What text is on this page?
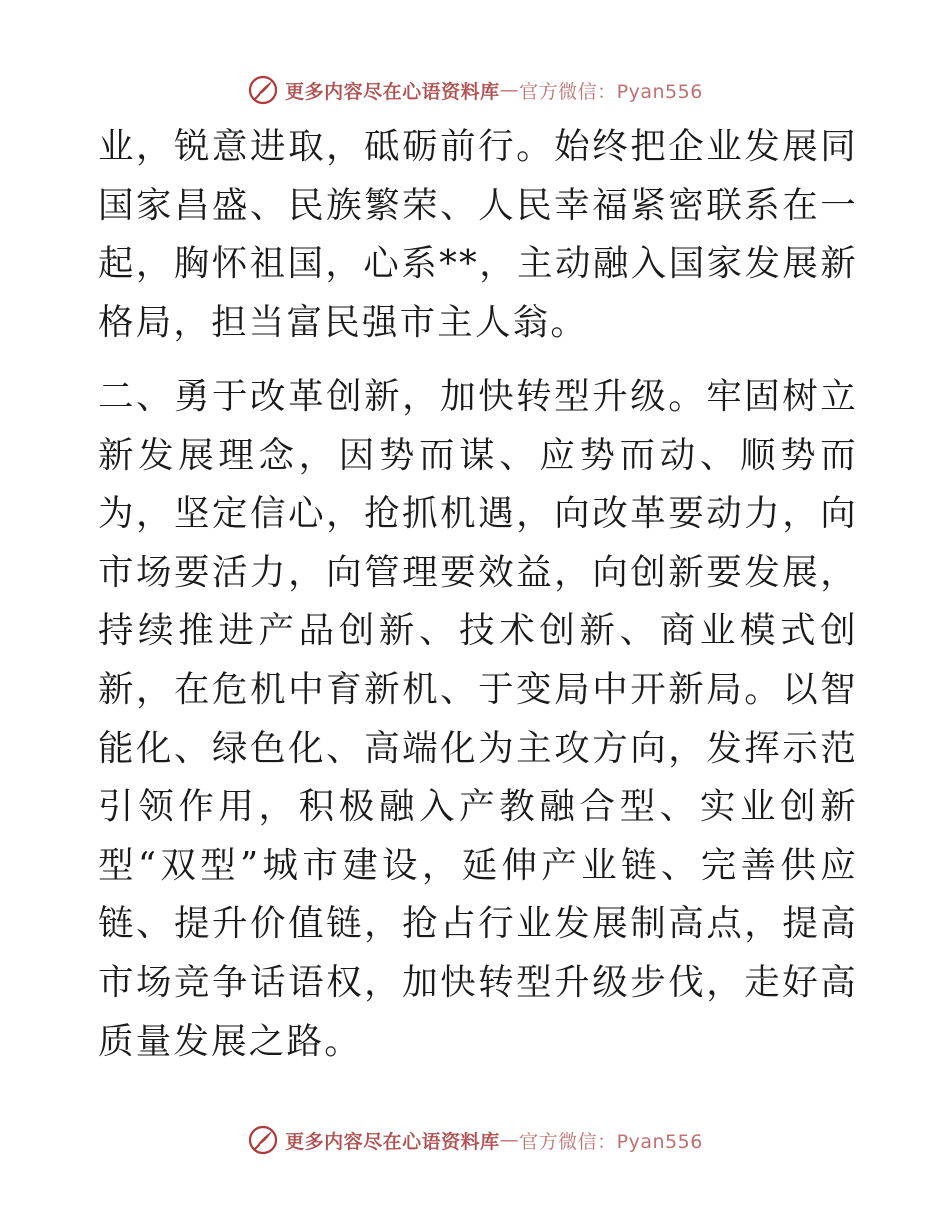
更多内容尽在心语资料库 — 官方微信：Pyan556

业，锐意进取，砥砺前行。始终把企业发展同国家昌盛、民族繁荣、人民幸福紧密联系在一起，胸怀祖国，心系**，主动融入国家发展新格局，担当富民强市主人翁。

二、勇于改革创新，加快转型升级。牢固树立新发展理念，因势而谋、应势而动、顺势而为，坚定信心，抢抓机遇，向改革要动力，向市场要活力，向管理要效益，向创新要发展，持续推进产品创新、技术创新、商业模式创新，在危机中育新机、于变局中开新局。以智能化、绿色化、高端化为主攻方向，发挥示范引领作用，积极融入产教融合型、实业创新型“双型”城市建设，延伸产业链、完善供应链、提升价值链，抢占行业发展制高点，提高市场竞争话语权，加快转型升级步伐，走好高质量发展之路。

更多内容尽在心语资料库 — 官方微信：Pyan556
